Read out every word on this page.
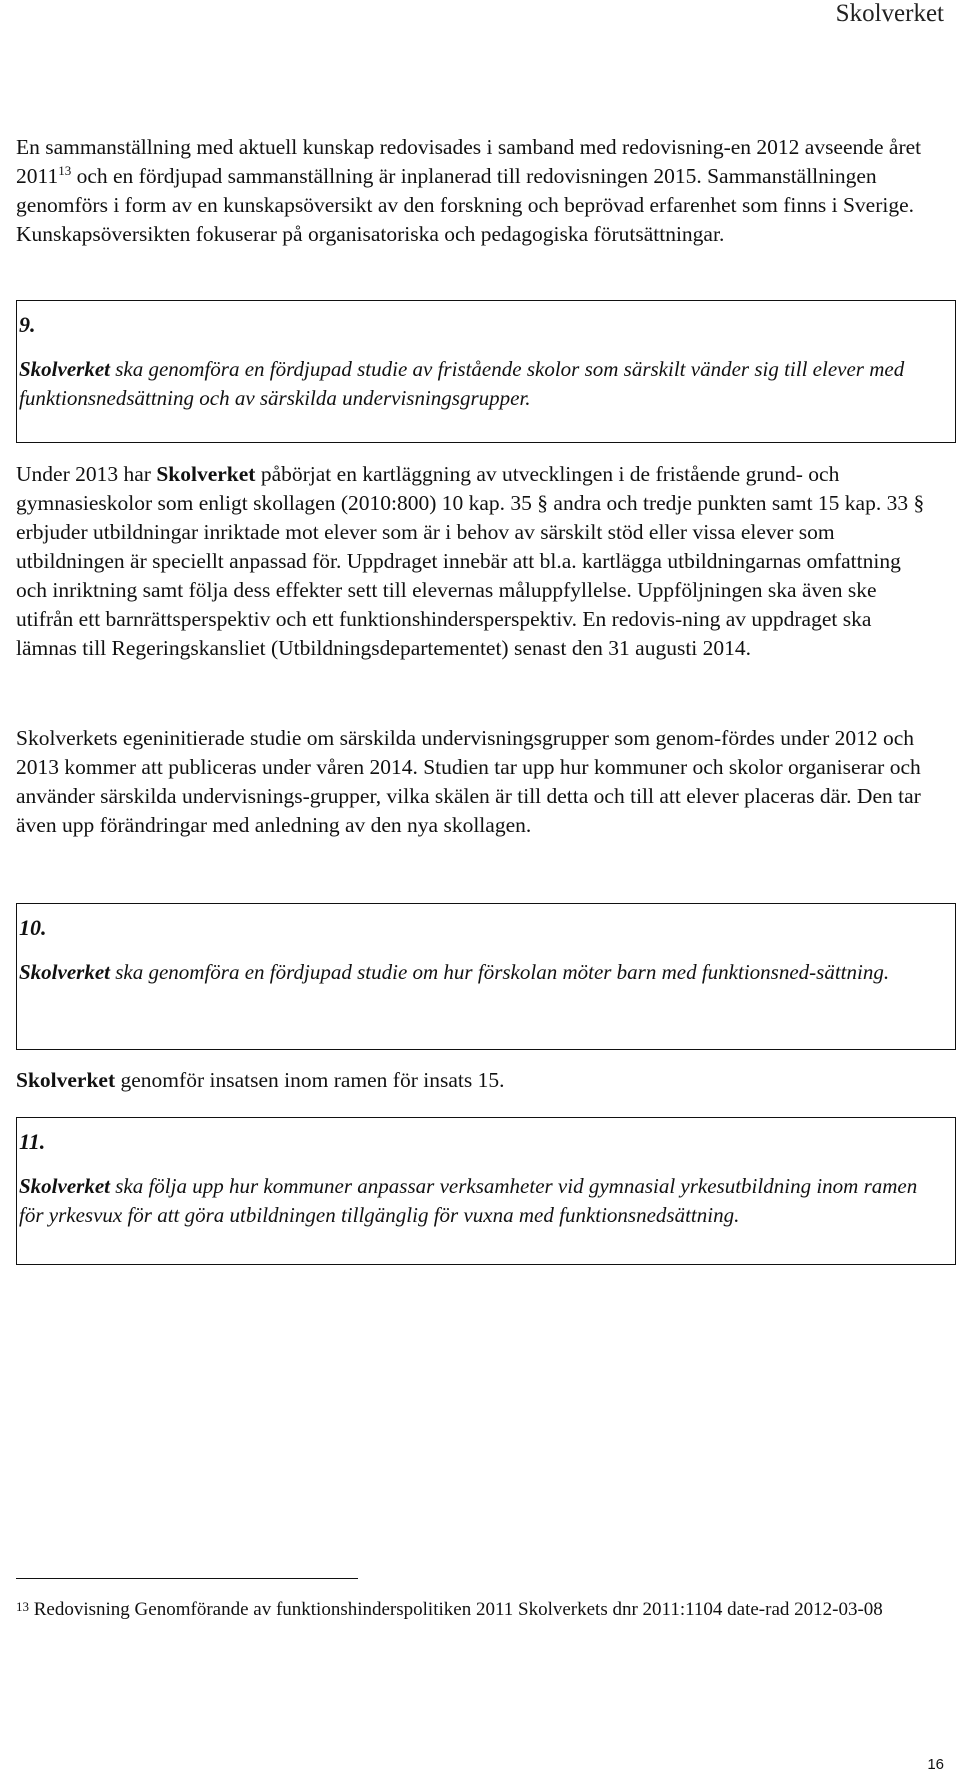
Skolverket

En sammanställning med aktuell kunskap redovisades i samband med redovisning-en 2012 avseende året 2011$^{13}$ och en fördjupad sammanställning är inplanerad till redovisningen 2015. Sammanställningen genomförs i form av en kunskapsöversikt av den forskning och beprövad erfarenhet som finns i Sverige. Kunskapsöversikten fokuserar på organisatoriska och pedagogiska förutsättningar.

9.

Skolverket ska genomföra en fördjupad studie av fristående skolor som särskilt vänder sig till elever med funktionsnedsättning och av särskilda undervisningsgrupper.

Under 2013 har Skolverket påbörjat en kartläggning av utvecklingen i de fristående grund- och gymnasieskolor som enligt skollagen (2010:800) 10 kap. 35 § andra och tredje punkten samt 15 kap. 33 § erbjuder utbildningar inriktade mot elever som är i behov av särskilt stöd eller vissa elever som utbildningen är speciellt anpassad för. Uppdraget innebär att bl.a. kartlägga utbildningarnas omfattning och inriktning samt följa dess effekter sett till elevernas måluppfyllelse. Uppföljningen ska även ske utifrån ett barnrättsperspektiv och ett funktionshindersperspektiv. En redovis-ning av uppdraget ska lämnas till Regeringskansliet (Utbildningsdepartementet) senast den 31 augusti 2014.

Skolverkets egeninitierade studie om särskilda undervisningsgrupper som genom-fördes under 2012 och 2013 kommer att publiceras under våren 2014. Studien tar upp hur kommuner och skolor organiserar och använder särskilda undervisnings-grupper, vilka skälen är till detta och till att elever placeras där. Den tar även upp förändringar med anledning av den nya skollagen.

10.

Skolverket ska genomföra en fördjupad studie om hur förskolan möter barn med funktionsned-sättning.

Skolverket genomför insatsen inom ramen för insats 15.

11.

Skolverket ska följa upp hur kommuner anpassar verksamheter vid gymnasial yrkesutbildning inom ramen för yrkesvux för att göra utbildningen tillgänglig för vuxna med funktionsnedsättning.

$^{13}$ Redovisning Genomförande av funktionshinderspolitiken 2011 Skolverkets dnr 2011:1104 date-rad 2012-03-08

16
